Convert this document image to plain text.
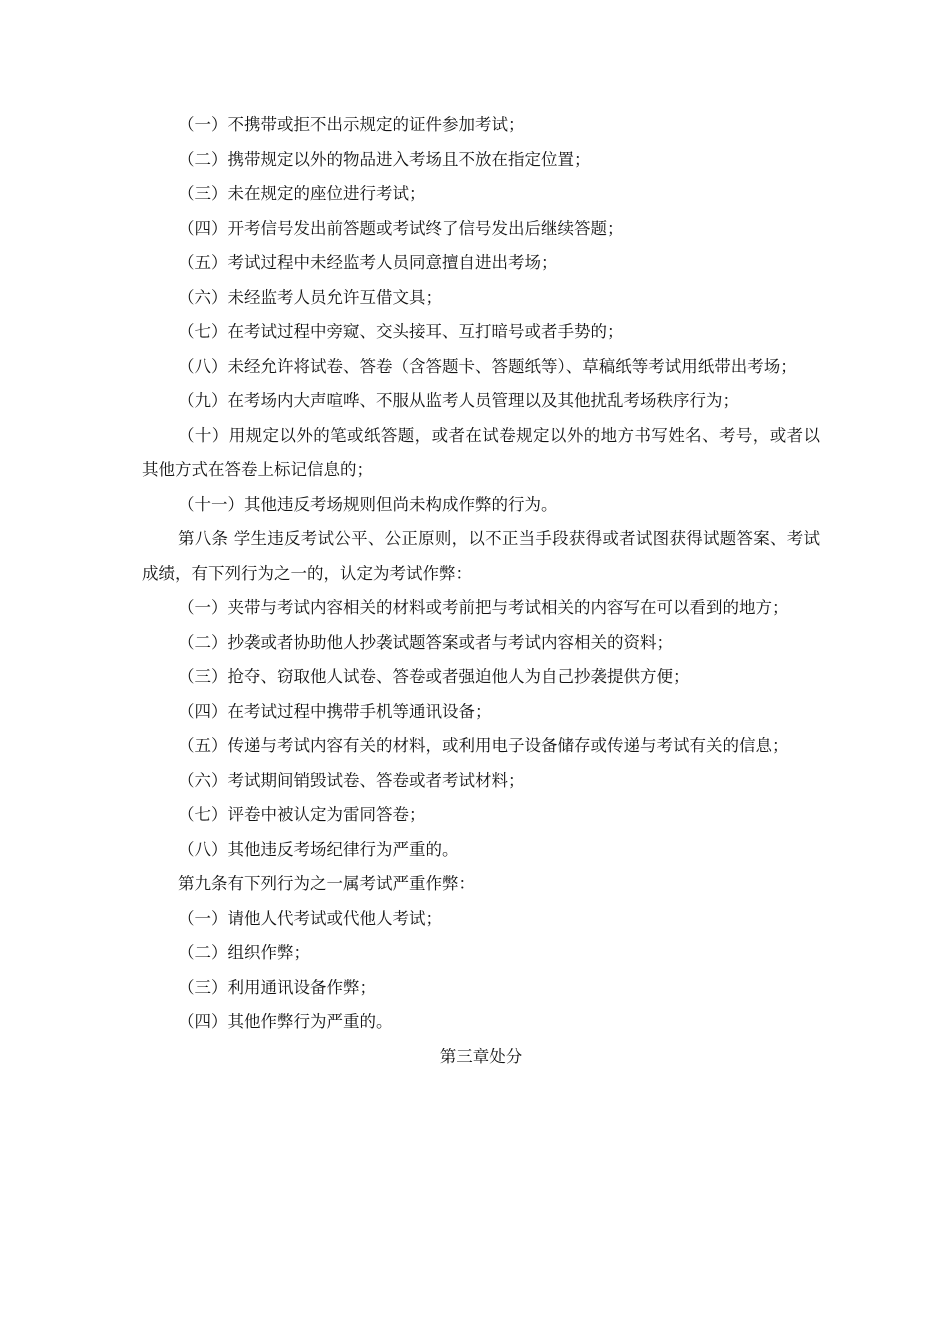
（一）不携带或拒不出示规定的证件参加考试；

（二）携带规定以外的物品进入考场且不放在指定位置；

（三）未在规定的座位进行考试；

（四）开考信号发出前答题或考试终了信号发出后继续答题；

（五）考试过程中未经监考人员同意擅自进出考场；

（六）未经监考人员允许互借文具；

（七）在考试过程中旁窥、交头接耳、互打暗号或者手势的；

（八）未经允许将试卷、答卷（含答题卡、答题纸等）、草稿纸等考试用纸带出考场；

（九）在考场内大声喧哗、不服从监考人员管理以及其他扰乱考场秩序行为；

（十）用规定以外的笔或纸答题，或者在试卷规定以外的地方书写姓名、考号，或者以其他方式在答卷上标记信息的；

（十一）其他违反考场规则但尚未构成作弊的行为。

第八条 学生违反考试公平、公正原则，以不正当手段获得或者试图获得试题答案、考试成绩，有下列行为之一的，认定为考试作弊：

（一）夹带与考试内容相关的材料或考前把与考试相关的内容写在可以看到的地方；

（二）抄袭或者协助他人抄袭试题答案或者与考试内容相关的资料；

（三）抢夺、窃取他人试卷、答卷或者强迫他人为自己抄袭提供方便；

（四）在考试过程中携带手机等通讯设备；

（五）传递与考试内容有关的材料，或利用电子设备储存或传递与考试有关的信息；

（六）考试期间销毁试卷、答卷或者考试材料；

（七）评卷中被认定为雷同答卷；

（八）其他违反考场纪律行为严重的。

第九条有下列行为之一属考试严重作弊：

（一）请他人代考试或代他人考试；

（二）组织作弊；

（三）利用通讯设备作弊；

（四）其他作弊行为严重的。

第三章处分
